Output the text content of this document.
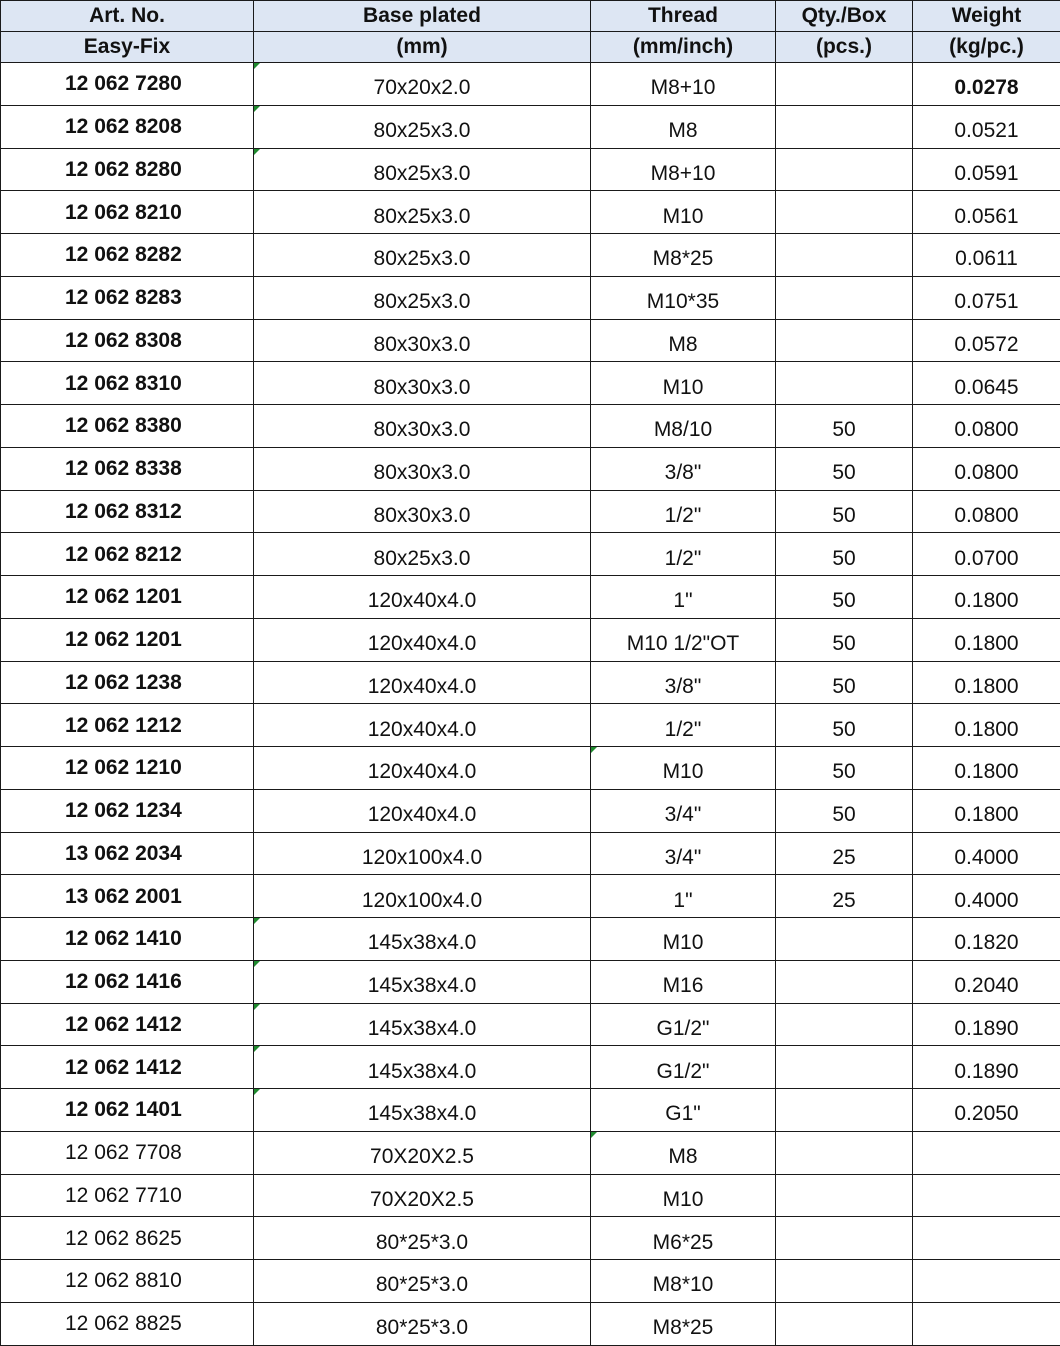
Art. No.	Base plated	Thread	Qty./Box	Weight
Easy-Fix	(mm)	(mm/inch)	(pcs.)	(kg/pc.)
12 062 7280	70x20x2.0	M8+10		0.0278
12 062 8208	80x25x3.0	M8		0.0521
12 062 8280	80x25x3.0	M8+10		0.0591
12 062 8210	80x25x3.0	M10		0.0561
12 062 8282	80x25x3.0	M8*25		0.0611
12 062 8283	80x25x3.0	M10*35		0.0751
12 062 8308	80x30x3.0	M8		0.0572
12 062 8310	80x30x3.0	M10		0.0645
12 062 8380	80x30x3.0	M8/10	50	0.0800
12 062 8338	80x30x3.0	3/8"	50	0.0800
12 062 8312	80x30x3.0	1/2"	50	0.0800
12 062 8212	80x25x3.0	1/2"	50	0.0700
12 062 1201	120x40x4.0	1"	50	0.1800
12 062 1201	120x40x4.0	M10 1/2"OT	50	0.1800
12 062 1238	120x40x4.0	3/8"	50	0.1800
12 062 1212	120x40x4.0	1/2"	50	0.1800
12 062 1210	120x40x4.0	M10	50	0.1800
12 062 1234	120x40x4.0	3/4"	50	0.1800
13 062 2034	120x100x4.0	3/4"	25	0.4000
13 062 2001	120x100x4.0	1"	25	0.4000
12 062 1410	145x38x4.0	M10		0.1820
12 062 1416	145x38x4.0	M16		0.2040
12 062 1412	145x38x4.0	G1/2"		0.1890
12 062 1412	145x38x4.0	G1/2"		0.1890
12 062 1401	145x38x4.0	G1"		0.2050
12 062 7708	70X20X2.5	M8		
12 062 7710	70X20X2.5	M10		
12 062 8625	80*25*3.0	M6*25		
12 062 8810	80*25*3.0	M8*10		
12 062 8825	80*25*3.0	M8*25		
